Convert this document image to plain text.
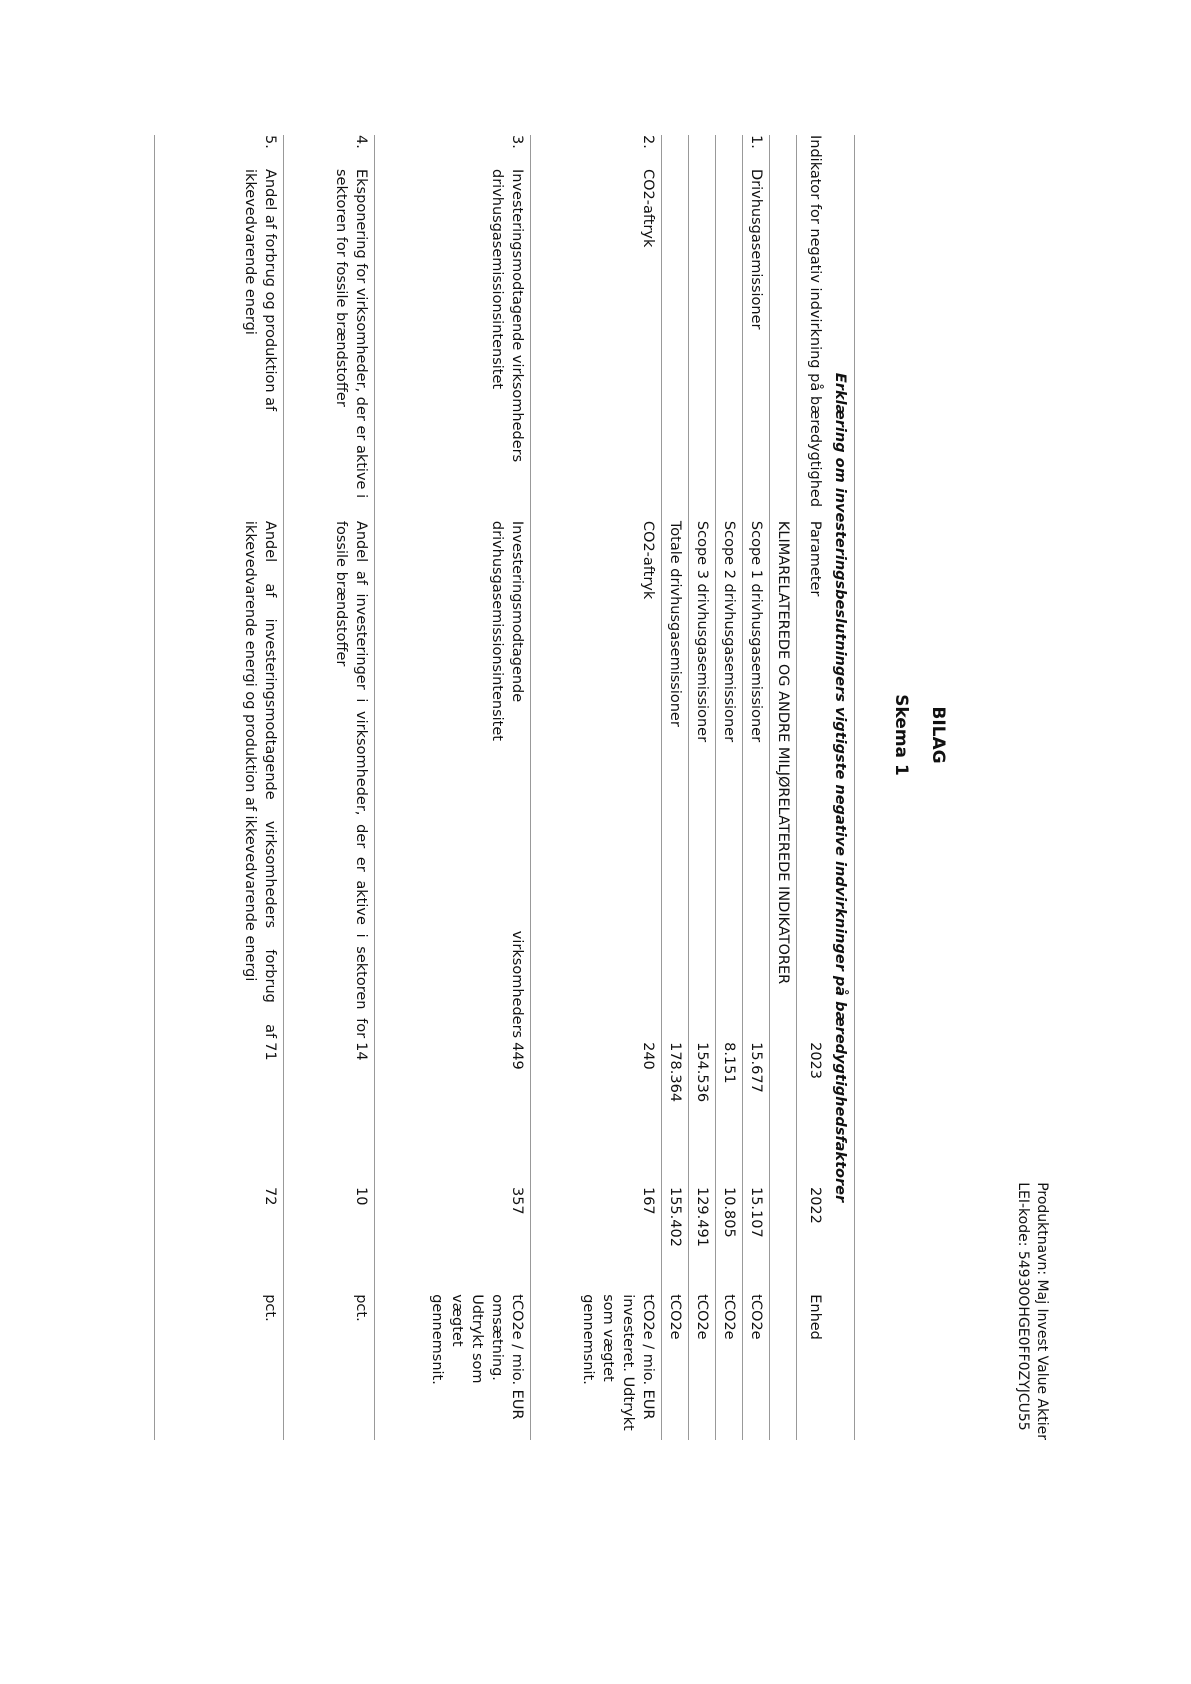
Produktnavn: Maj Invest Value Aktier
LEI-kode: 54930OHGE0FF0ZYJCU55
BILAG
Skema 1
Erklæring om investeringsbeslutningers vigtigste negative indvirkninger på bæredygtighedsfaktorer				
Indikator for negativ indvirkning på bæredygtighed	Parameter	2023	2022	Enhed
	KLIMARELATEREDE OG ANDRE MILJØRELATEREDE INDIKATORER			
1.Drivhusgasemissioner	Scope 1 drivhusgasemissioner	15.677	15.107	tCO2e
	Scope 2 drivhusgasemissioner	8.151	10.805	tCO2e
	Scope 3 drivhusgasemissioner	154.536	129.491	tCO2e
	Totale drivhusgasemissioner	178.364	155.402	tCO2e
2.CO2-aftryk	CO2-aftryk	240	167	tCO2e / mio. EUR investeret. Udtrykt som vægtet gennemsnit.
3.Investeringsmodtagende virksomheders drivhusgasemissionsintensitet	Investeringsmodtagende virksomheders drivhusgasemissionsintensitet	449	357	tCO2e / mio. EUR omsætning. Udtrykt som vægtet gennemsnit.
4.Eksponering for virksomheder, der er aktive i sektoren for fossile brændstoffer	Andel af investeringer i virksomheder, der er aktive i sektoren for fossile brændstoffer	14	10	pct.
5.Andel af forbrug og produktion af ikkevedvarende energi	Andel af investeringsmodtagende virksomheders forbrug af ikkevedvarende energi og produktion af ikkevedvarende energi	71	72	pct.
